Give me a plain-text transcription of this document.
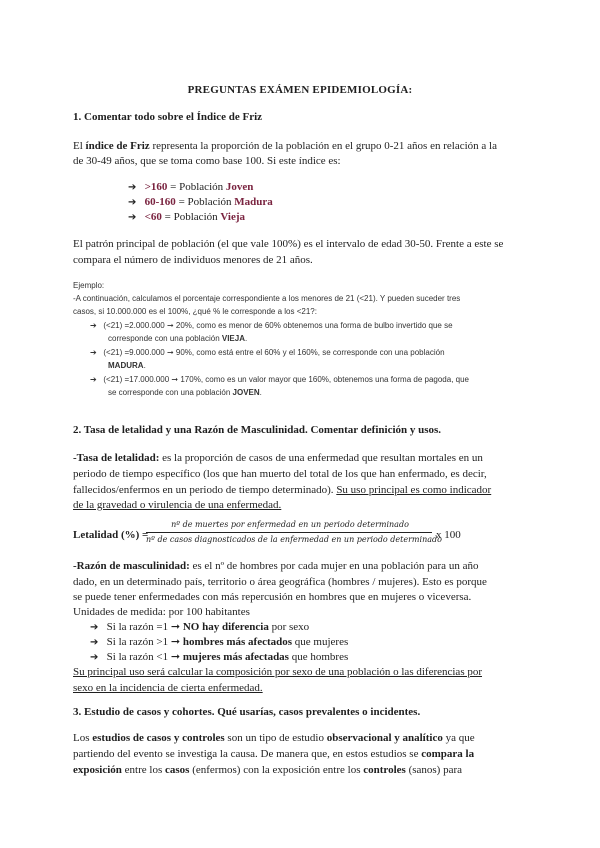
PREGUNTAS EXÁMEN EPIDEMIOLOGÍA:
1. Comentar todo sobre el Índice de Friz
El índice de Friz representa la proporción de la población en el grupo 0-21 años en relación a la
de 30-49 años, que se toma como base 100. Si este índice es:
➔ >160 = Población Joven
➔ 60-160 = Población Madura
➔ <60 = Población Vieja
El patrón principal de población (el que vale 100%) es el intervalo de edad 30-50. Frente a este se
compara el número de individuos menores de 21 años.
Ejemplo:
-A continuación, calculamos el porcentaje correspondiente a los menores de 21 (<21). Y pueden suceder tres
casos, si 10.000.000 es el 100%, ¿qué % le corresponde a los <21?:
➔ (<21) =2.000.000 ➞ 20%, como es menor de 60% obtenemos una forma de bulbo invertido que se
corresponde con una población VIEJA.
➔ (<21) =9.000.000 ➞ 90%, como está entre el 60% y el 160%, se corresponde con una población
MADURA.
➔ (<21) =17.000.000 ➞ 170%, como es un valor mayor que 160%, obtenemos una forma de pagoda, que
se corresponde con una población JOVEN.
2. Tasa de letalidad y una Razón de Masculinidad. Comentar definición y usos.
-Tasa de letalidad: es la proporción de casos de una enfermedad que resultan mortales en un
periodo de tiempo específico (los que han muerto del total de los que han enfermado, es decir,
fallecidos/enfermos en un periodo de tiempo determinado). Su uso principal es como indicador
de la gravedad o virulencia de una enfermedad.
Letalidad (%) =
nº de muertes por enfermedad en un periodo determinado
nº de casos diagnosticados de la enfermedad en un periodo determinado
x 100
-Razón de masculinidad: es el nº de hombres por cada mujer en una población para un año
dado, en un determinado país, territorio o área geográfica (hombres / mujeres). Esto es porque
se puede tener enfermedades con más repercusión en hombres que en mujeres o viceversa.
Unidades de medida: por 100 habitantes
➔ Si la razón =1 ➞ NO hay diferencia por sexo
➔ Si la razón >1 ➞ hombres más afectados que mujeres
➔ Si la razón <1 ➞ mujeres más afectadas que hombres
Su principal uso será calcular la composición por sexo de una población o las diferencias por
sexo en la incidencia de cierta enfermedad.
3. Estudio de casos y cohortes. Qué usarías, casos prevalentes o incidentes.
Los estudios de casos y controles son un tipo de estudio observacional y analítico ya que
partiendo del evento se investiga la causa. De manera que, en estos estudios se compara la
exposición entre los casos (enfermos) con la exposición entre los controles (sanos) para
